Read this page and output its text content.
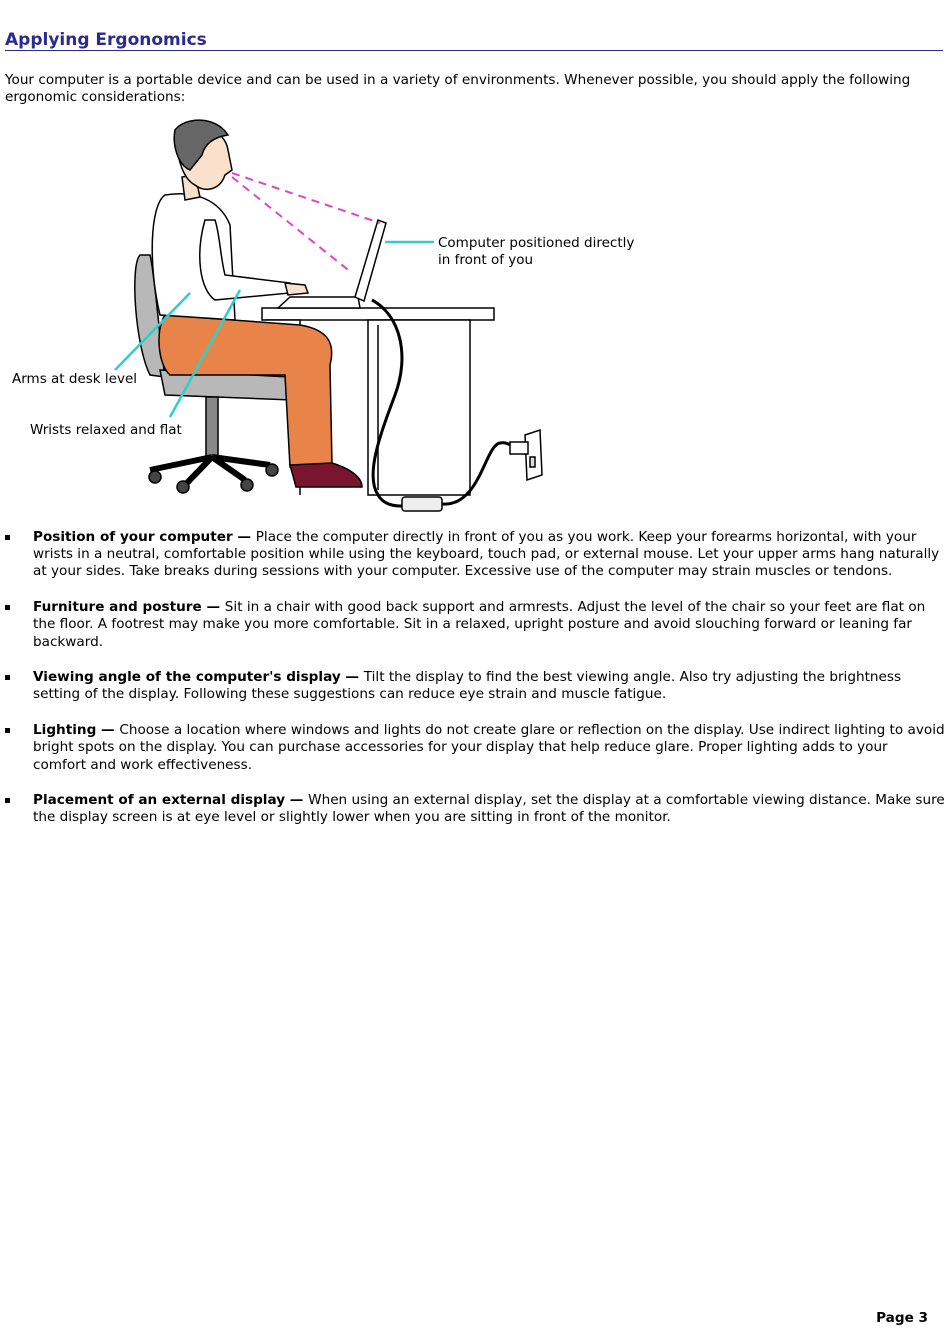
Applying Ergonomics
Your computer is a portable device and can be used in a variety of environments. Whenever possible, you should apply the following ergonomic considerations:
Computer positioned directly
in front of you
Arms at desk level
Wrists relaxed and flat
Position of your computer — Place the computer directly in front of you as you work. Keep your forearms horizontal, with your wrists in a neutral, comfortable position while using the keyboard, touch pad, or external mouse. Let your upper arms hang naturally at your sides. Take breaks during sessions with your computer. Excessive use of the computer may strain muscles or tendons.
Furniture and posture — Sit in a chair with good back support and armrests. Adjust the level of the chair so your feet are flat on the floor. A footrest may make you more comfortable. Sit in a relaxed, upright posture and avoid slouching forward or leaning far backward.
Viewing angle of the computer's display — Tilt the display to find the best viewing angle. Also try adjusting the brightness setting of the display. Following these suggestions can reduce eye strain and muscle fatigue.
Lighting — Choose a location where windows and lights do not create glare or reflection on the display. Use indirect lighting to avoid bright spots on the display. You can purchase accessories for your display that help reduce glare. Proper lighting adds to your comfort and work effectiveness.
Placement of an external display — When using an external display, set the display at a comfortable viewing distance. Make sure the display screen is at eye level or slightly lower when you are sitting in front of the monitor.
Page 3
